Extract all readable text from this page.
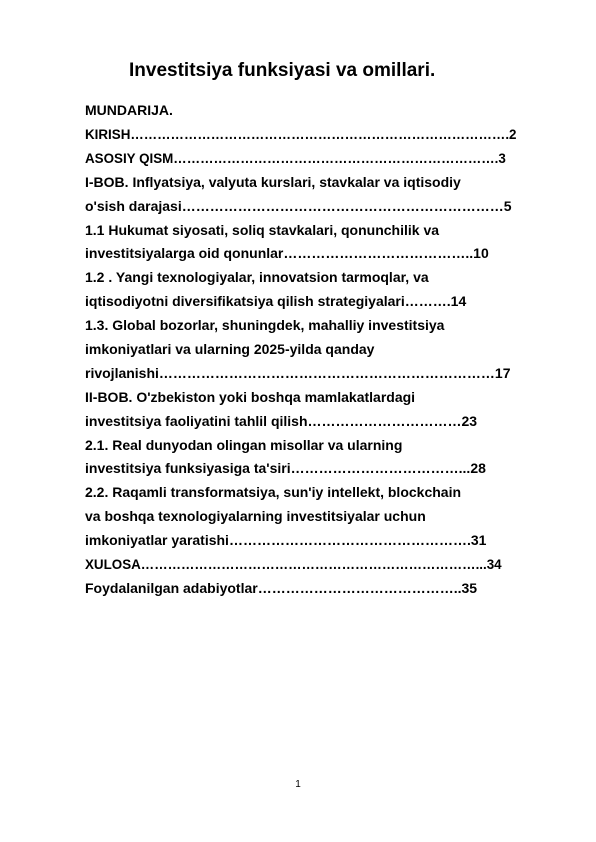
Investitsiya funksiyasi va omillari.
MUNDARIJA.
KIRISH………………………………………………………………………….2
ASOSIY QISM……………………………………………………………….3
I-BOB. Inflyatsiya, valyuta kurslari, stavkalar va iqtisodiy
o'sish darajasi……………………………………………………………5
1.1 Hukumat siyosati, soliq stavkalari, qonunchilik va
investitsiyalarga oid qonunlar…………………………………..10
1.2 . Yangi texnologiyalar, innovatsion tarmoqlar, va
iqtisodiyotni diversifikatsiya qilish strategiyalari……….14
1.3. Global bozorlar, shuningdek, mahalliy investitsiya
imkoniyatlari va ularning 2025-yilda qanday
rivojlanishi………………………………………………………………17
II-BOB. O'zbekiston yoki boshqa mamlakatlardagi
investitsiya faoliyatini tahlil qilish……………………………23
2.1. Real dunyodan olingan misollar va ularning
investitsiya funksiyasiga ta'siri………………………………...28
2.2. Raqamli transformatsiya, sun'iy intellekt, blockchain
va boshqa texnologiyalarning investitsiyalar uchun
imkoniyatlar yaratishi…………………………………………….31
XULOSA…………………………………………………………………...34
Foydalanilgan adabiyotlar……………………………………..35
1
